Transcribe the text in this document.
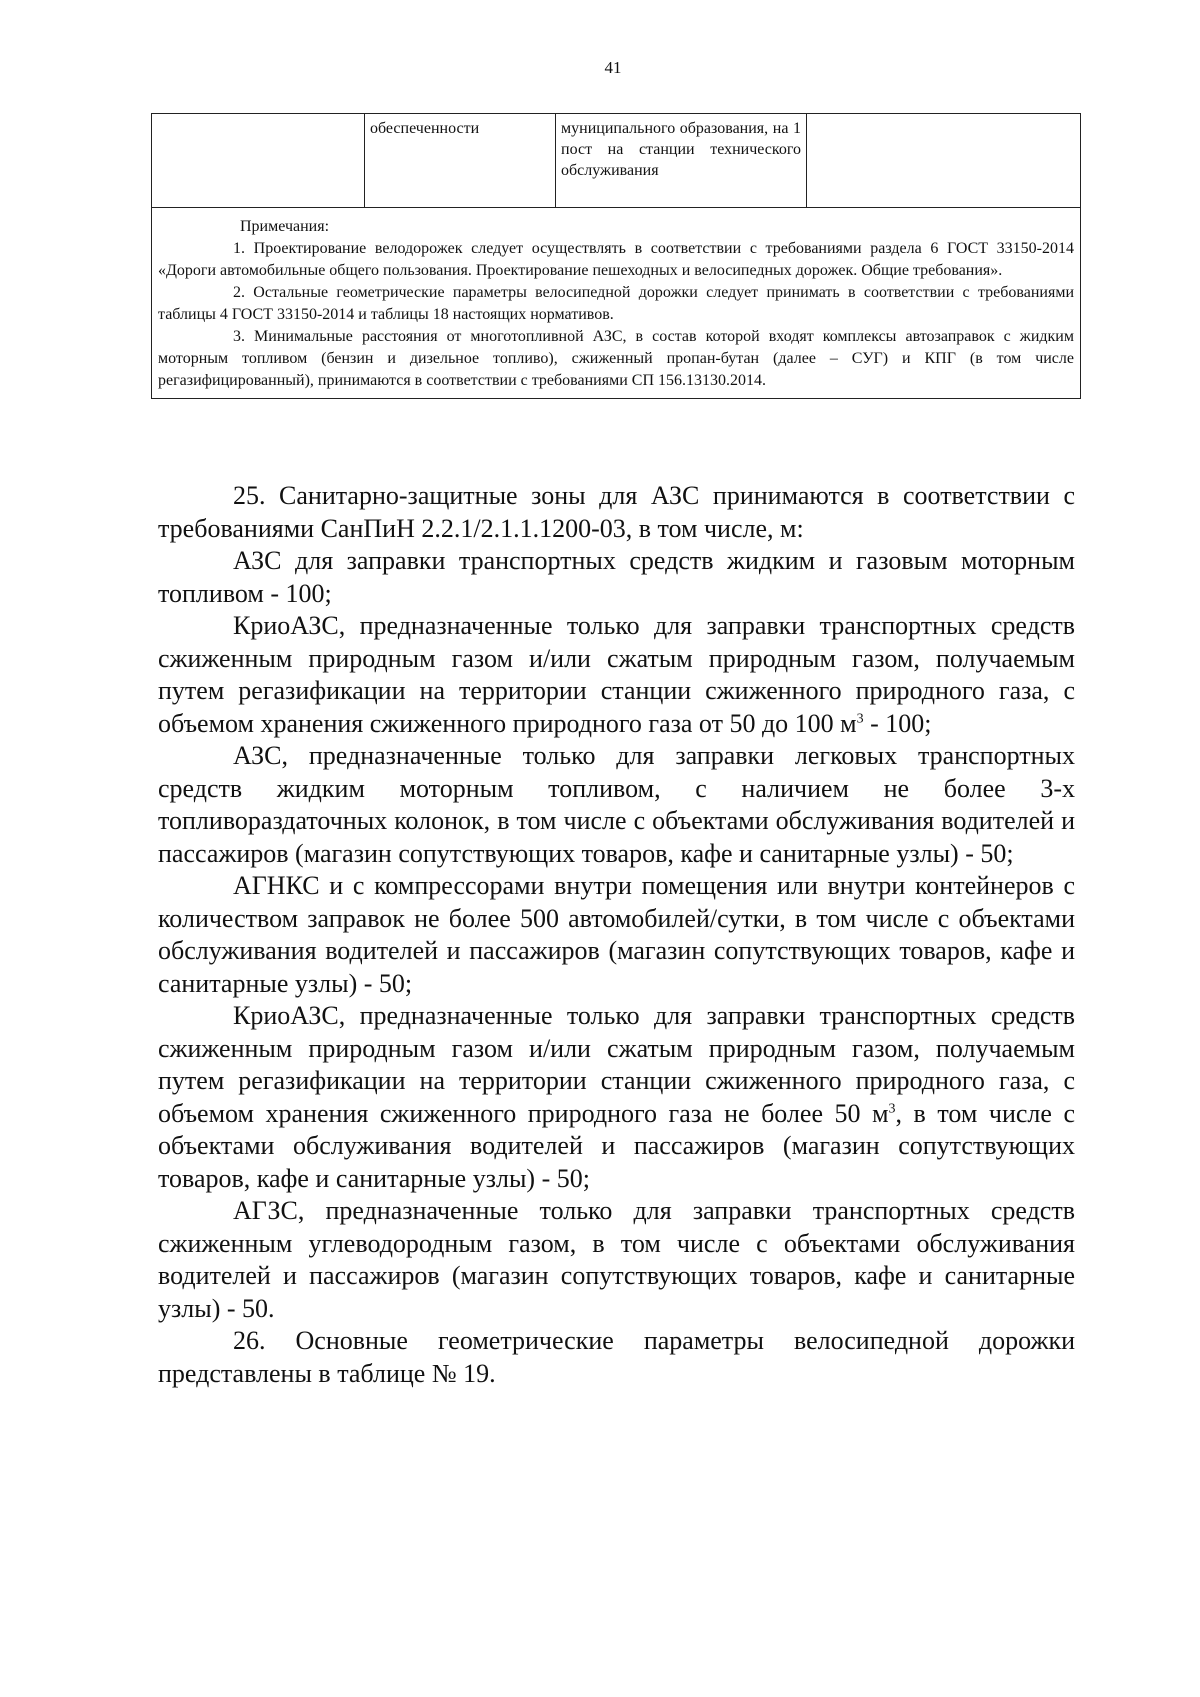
41
	обеспеченности	муниципального образования, на 1 пост на станции технического обслуживания	

Примечания:

1. Проектирование велодорожек следует осуществлять в соответствии с требованиями раздела 6 ГОСТ 33150-2014 «Дороги автомобильные общего пользования. Проектирование пешеходных и велосипедных дорожек. Общие требования».

2. Остальные геометрические параметры велосипедной дорожки следует принимать в соответствии с требованиями таблицы 4 ГОСТ 33150-2014 и таблицы 18 настоящих нормативов.

3. Минимальные расстояния от многотопливной АЗС, в состав которой входят комплексы автозаправок с жидким моторным топливом (бензин и дизельное топливо), сжиженный пропан-бутан (далее – СУГ) и КПГ (в том числе регазифицированный), принимаются в соответствии с требованиями СП 156.13130.2014.

25. Санитарно-защитные зоны для АЗС принимаются в соответствии с требованиями СанПиН 2.2.1/2.1.1.1200-03, в том числе, м:

АЗС для заправки транспортных средств жидким и газовым моторным топливом - 100;

КриоАЗС, предназначенные только для заправки транспортных средств сжиженным природным газом и/или сжатым природным газом, получаемым путем регазификации на территории станции сжиженного природного газа, с объемом хранения сжиженного природного газа от 50 до 100 $м^3 - 100$;

АЗС, предназначенные только для заправки легковых транспортных средств жидким моторным топливом, с наличием не более 3-х топливораздаточных колонок, в том числе с объектами обслуживания водителей и пассажиров (магазин сопутствующих товаров, кафе и санитарные узлы) - 50;

АГНКС и с компрессорами внутри помещения или внутри контейнеров с количеством заправок не более 500 автомобилей/сутки, в том числе с объектами обслуживания водителей и пассажиров (магазин сопутствующих товаров, кафе и санитарные узлы) - 50;

КриоАЗС, предназначенные только для заправки транспортных средств сжиженным природным газом и/или сжатым природным газом, получаемым путем регазификации на территории станции сжиженного природного газа, с объемом хранения сжиженного природного газа не более 50 $м^3$, в том числе с объектами обслуживания водителей и пассажиров (магазин сопутствующих товаров, кафе и санитарные узлы) - 50;

АГЗС, предназначенные только для заправки транспортных средств сжиженным углеводородным газом, в том числе с объектами обслуживания водителей и пассажиров (магазин сопутствующих товаров, кафе и санитарные узлы) - 50.

26. Основные геометрические параметры велосипедной дорожки представлены в таблице № 19.
